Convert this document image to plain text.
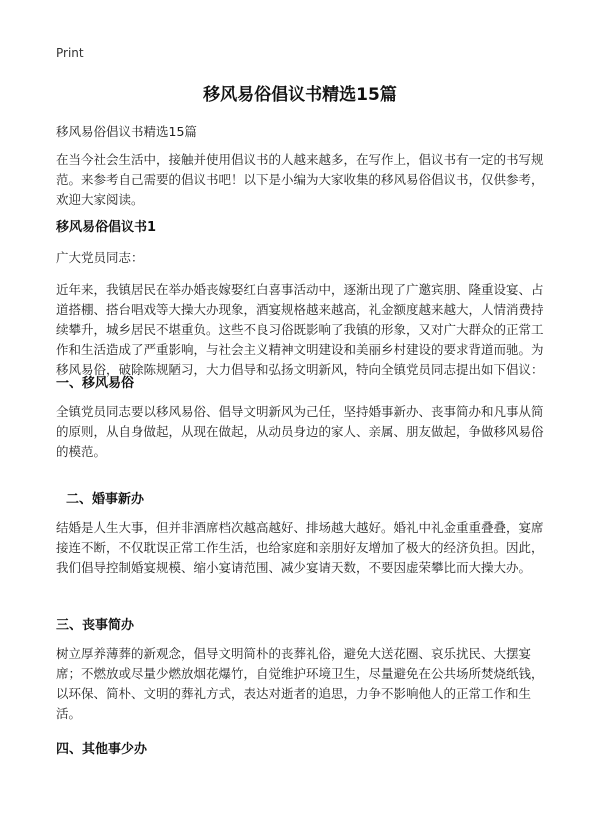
Print
移风易俗倡议书精选15篇
移风易俗倡议书精选15篇

在当今社会生活中，接触并使用倡议书的人越来越多，在写作上，倡议书有一定的书写规范。来参考自己需要的倡议书吧！以下是小编为大家收集的移风易俗倡议书，仅供参考，欢迎大家阅读。

移风易俗倡议书1
广大党员同志：

近年来，我镇居民在举办婚丧嫁娶红白喜事活动中，逐渐出现了广邀宾朋、隆重设宴、占道搭棚、搭台唱戏等大操大办现象，酒宴规格越来越高，礼金额度越来越大，人情消费持续攀升，城乡居民不堪重负。这些不良习俗既影响了我镇的形象，又对广大群众的正常工作和生活造成了严重影响，与社会主义精神文明建设和美丽乡村建设的要求背道而驰。为移风易俗，破除陈规陋习，大力倡导和弘扬文明新风，特向全镇党员同志提出如下倡议：

一、移风易俗

全镇党员同志要以移风易俗、倡导文明新风为己任，坚持婚事新办、丧事简办和凡事从简的原则，从自身做起，从现在做起，从动员身边的家人、亲属、朋友做起，争做移风易俗的模范。

二、婚事新办

结婚是人生大事，但并非酒席档次越高越好、排场越大越好。婚礼中礼金重重叠叠，宴席接连不断，不仅耽误正常工作生活，也给家庭和亲朋好友增加了极大的经济负担。因此，我们倡导控制婚宴规模、缩小宴请范围、减少宴请天数，不要因虚荣攀比而大操大办。

三、丧事简办

树立厚养薄葬的新观念，倡导文明简朴的丧葬礼俗，避免大送花圈、哀乐扰民、大摆宴席；不燃放或尽量少燃放烟花爆竹，自觉维护环境卫生，尽量避免在公共场所焚烧纸钱，以环保、简朴、文明的葬礼方式，表达对逝者的追思，力争不影响他人的正常工作和生活。

四、其他事少办
